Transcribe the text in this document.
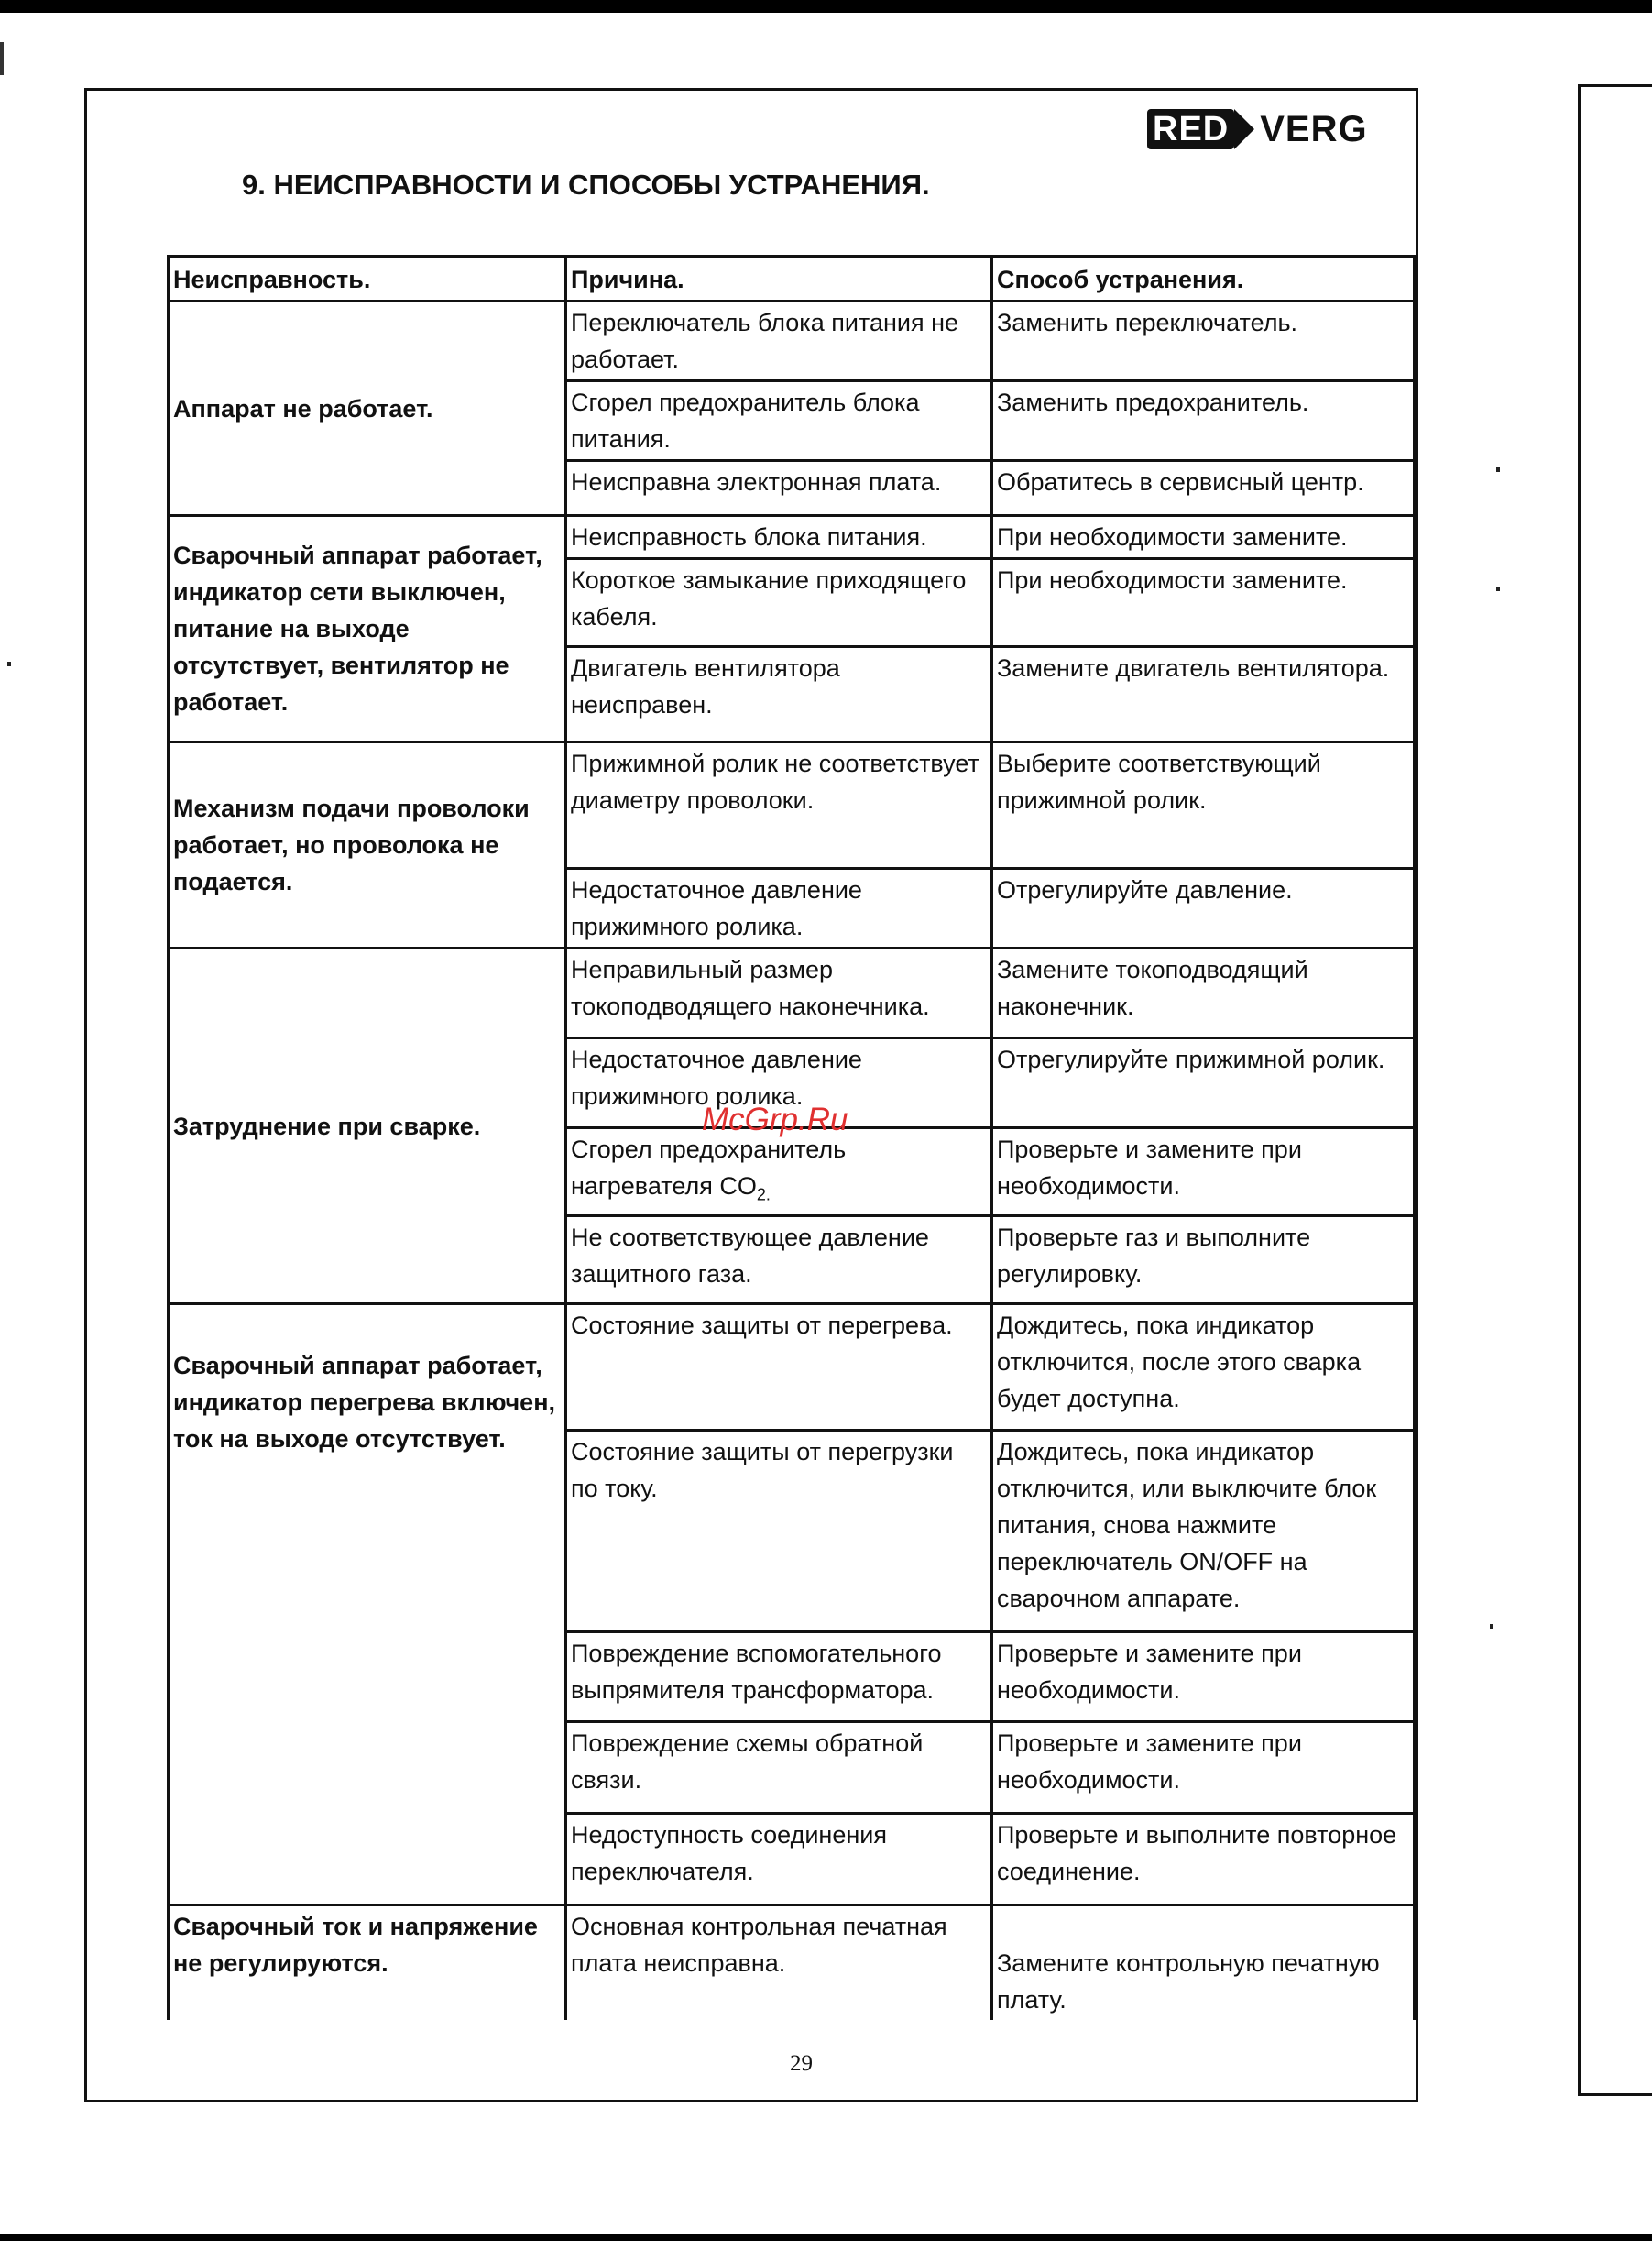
RED VERG
9. НЕИСПРАВНОСТИ И СПОСОБЫ УСТРАНЕНИЯ.
Неисправность.	Причина.	Способ устранения.
Аппарат не работает.	Переключатель блока питания не работает.	Заменить переключатель.
	Сгорел предохранитель блока питания.	Заменить предохранитель.
	Неисправна электронная плата.	Обратитесь в сервисный центр.
Сварочный аппарат работает, индикатор сети выключен, питание на выходе отсутствует, вентилятор не работает.	Неисправность блока питания.	При необходимости замените.
	Короткое замыкание приходящего кабеля.	При необходимости замените.
	Двигатель вентилятора неисправен.	Замените двигатель вентилятора.
Механизм подачи проволоки работает, но проволока не подается.	Прижимной ролик не соответствует диаметру проволоки.	Выберите соответствующий прижимной ролик.
	Недостаточное давление прижимного ролика.	Отрегулируйте давление.
Затруднение при сварке.	Неправильный размер токоподводящего наконечника.	Замените токоподводящий наконечник.
	Недостаточное давление прижимного ролика.	Отрегулируйте прижимной ролик.
	Сгорел предохранитель нагревателя $CO_{2.}$	Проверьте и замените при необходимости.
	Не соответствующее давление защитного газа.	Проверьте газ и выполните регулировку.
Сварочный аппарат работает, индикатор перегрева включен, ток на выходе отсутствует.	Состояние защиты от перегрева.	Дождитесь, пока индикатор отключится, после этого сварка будет доступна.
	Состояние защиты от перегрузки по току.	Дождитесь, пока индикатор отключится, или выключите блок питания, снова нажмите переключатель ON/OFF на сварочном аппарате.
	Повреждение вспомогательного выпрямителя трансформатора.	Проверьте и замените при необходимости.
	Повреждение схемы обратной связи.	Проверьте и замените при необходимости.
	Недоступность соединения переключателя.	Проверьте и выполните повторное соединение.
Сварочный ток и напряжение не регулируются.	Основная контрольная печатная плата неисправна.	Замените контрольную печатную плату.
McGrp.Ru
29
